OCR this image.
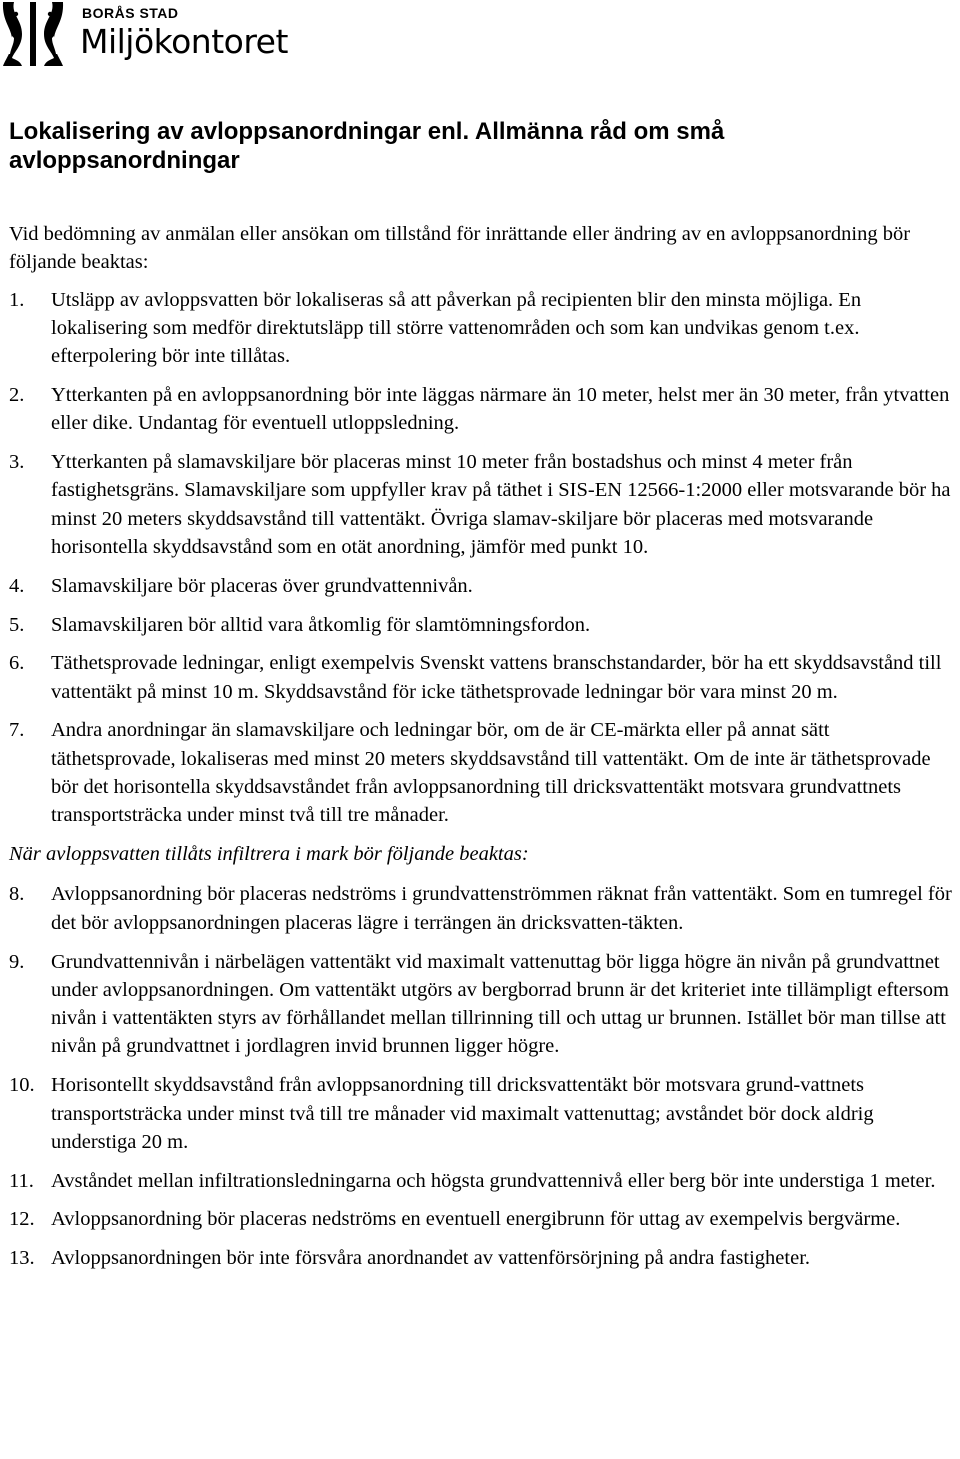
BORÅS STAD
Miljökontoret
Lokalisering av avloppsanordningar enl. Allmänna råd om små avloppsanordningar

Vid bedömning av anmälan eller ansökan om tillstånd för inrättande eller ändring av en avloppsanordning bör följande beaktas:

1. Utsläpp av avloppsvatten bör lokaliseras så att påverkan på recipienten blir den minsta möjliga. En lokalisering som medför direktutsläpp till större vattenområden och som kan undvikas genom t.ex. efterpolering bör inte tillåtas.
2. Ytterkanten på en avloppsanordning bör inte läggas närmare än 10 meter, helst mer än 30 meter, från ytvatten eller dike. Undantag för eventuell utloppsledning.
3. Ytterkanten på slamavskiljare bör placeras minst 10 meter från bostadshus och minst 4 meter från fastighetsgräns. Slamavskiljare som uppfyller krav på täthet i SIS-EN 12566-1:2000 eller motsvarande bör ha minst 20 meters skyddsavstånd till vattentäkt. Övriga slamav-skiljare bör placeras med motsvarande horisontella skyddsavstånd som en otät anordning, jämför med punkt 10.
4. Slamavskiljare bör placeras över grundvattennivån.
5. Slamavskiljaren bör alltid vara åtkomlig för slamtömningsfordon.
6. Täthetsprovade ledningar, enligt exempelvis Svenskt vattens branschstandarder, bör ha ett skyddsavstånd till vattentäkt på minst 10 m. Skyddsavstånd för icke täthetsprovade ledningar bör vara minst 20 m.
7. Andra anordningar än slamavskiljare och ledningar bör, om de är CE-märkta eller på annat sätt täthetsprovade, lokaliseras med minst 20 meters skyddsavstånd till vattentäkt. Om de inte är täthetsprovade bör det horisontella skyddsavståndet från avloppsanordning till dricksvattentäkt motsvara grundvattnets transportsträcka under minst två till tre månader.

När avloppsvatten tillåts infiltrera i mark bör följande beaktas:

8. Avloppsanordning bör placeras nedströms i grundvattenströmmen räknat från vattentäkt. Som en tumregel för det bör avloppsanordningen placeras lägre i terrängen än dricksvatten-täkten.
9. Grundvattennivån i närbelägen vattentäkt vid maximalt vattenuttag bör ligga högre än nivån på grundvattnet under avloppsanordningen. Om vattentäkt utgörs av bergborrad brunn är det kriteriet inte tillämpligt eftersom nivån i vattentäkten styrs av förhållandet mellan tillrinning till och uttag ur brunnen. Istället bör man tillse att nivån på grundvattnet i jordlagren invid brunnen ligger högre.
10. Horisontellt skyddsavstånd från avloppsanordning till dricksvattentäkt bör motsvara grund-vattnets transportsträcka under minst två till tre månader vid maximalt vattenuttag; avståndet bör dock aldrig understiga 20 m.
11. Avståndet mellan infiltrationsledningarna och högsta grundvattennivå eller berg bör inte understiga 1 meter.
12. Avloppsanordning bör placeras nedströms en eventuell energibrunn för uttag av exempelvis bergvärme.
13. Avloppsanordningen bör inte försvåra anordnandet av vattenförsörjning på andra fastigheter.
